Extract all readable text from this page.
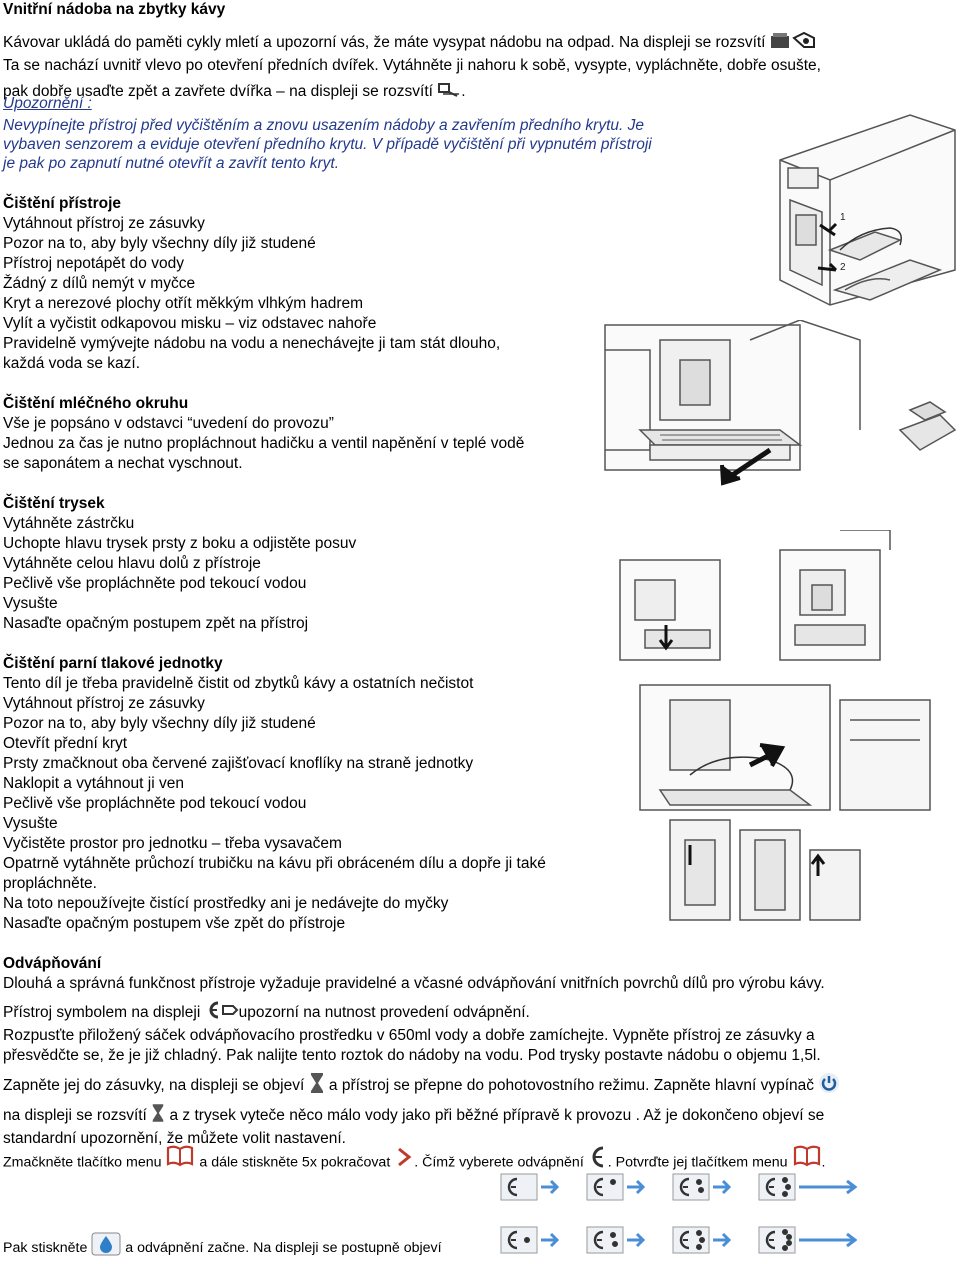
Vnitřní nádoba na zbytky kávy
Kávovar ukládá do paměti cykly mletí a upozorní vás, že máte vysypat nádobu na odpad. Na displeji se rozsvítí
Ta se nachází uvnitř vlevo po otevření předních dvířek. Vytáhněte ji nahoru k sobě, vysypte, vypláchněte, dobře osušte,
pak dobře usaďte zpět a zavřete dvířka – na displeji se rozsvítí .
Upozornění :
Nevypínejte přístroj před vyčištěním a znovu usazením nádoby a zavřením předního krytu. Je
vybaven senzorem a eviduje otevření předního krytu. V případě vyčištění při vypnutém přístroji
je pak po zapnutí nutné otevřít a zavřít tento kryt.
Čištění přístroje
Vytáhnout přístroj ze zásuvky
Pozor na to, aby byly všechny díly již studené
Přístroj nepotápět do vody
Žádný z dílů nemýt v myčce
Kryt a nerezové plochy otřít měkkým vlhkým hadrem
Vylít a vyčistit odkapovou misku – viz odstavec nahoře
Pravidelně vymývejte nádobu na vodu a nenechávejte ji tam stát dlouho,
každá voda se kazí.
Čištění mléčného okruhu
Vše je popsáno v odstavci “uvedení do provozu”
Jednou za čas je nutno propláchnout hadičku a ventil napěnění v teplé vodě
se saponátem a nechat vyschnout.
Čištění trysek
Vytáhněte zástrčku
Uchopte hlavu trysek prsty z boku a odjistěte posuv
Vytáhněte celou hlavu dolů z přístroje
Pečlivě vše propláchněte pod tekoucí vodou
Vysušte
Nasaďte opačným postupem zpět na přístroj
Čištění parní tlakové jednotky
Tento díl je třeba pravidelně čistit od zbytků kávy a ostatních nečistot
Vytáhnout přístroj ze zásuvky
Pozor na to, aby byly všechny díly již studené
Otevřít přední kryt
Prsty zmačknout oba červené zajišťovací knoflíky na straně jednotky
Naklopit a vytáhnout ji ven
Pečlivě vše propláchněte pod tekoucí vodou
Vysušte
Vyčistěte prostor pro jednotku – třeba vysavačem
Opatrně vytáhněte průchozí trubičku na kávu při obráceném dílu a dopře ji také
propláchněte.
Na toto nepoužívejte čistící prostředky ani je nedávejte do myčky
Nasaďte opačným postupem vše zpět do přístroje
Odvápňování
Dlouhá a správná funkčnost přístroje vyžaduje pravidelné a včasné odvápňování vnitřních povrchů dílů pro výrobu kávy.
Přístroj symbolem na displeji upozorní na nutnost provedení odvápnění.
Rozpusťte přiložený sáček odvápňovacího prostředku v 650ml vody a dobře zamíchejte. Vypněte přístroj ze zásuvky a
přesvědčte se, že je již chladný. Pak nalijte tento roztok do nádoby na vodu. Pod trysky postavte nádobu o objemu 1,5l.
Zapněte jej do zásuvky, na displeji se objeví a přístroj se přepne do pohotovostního režimu. Zapněte hlavní vypínač
na displeji se rozsvítí a z trysek vyteče něco málo vody jako při běžné přípravě k provozu . Až je dokončeno objeví se
standardní upozornění, že můžete volit nastavení.
Zmačkněte tlačítko menu	a dále stiskněte 5x pokračovat . Čímž vyberete odvápnění . Potvrďte jej tlačítkem menu .
Pak stiskněte	a odvápnění začne. Na displeji se postupně objeví
1
2
